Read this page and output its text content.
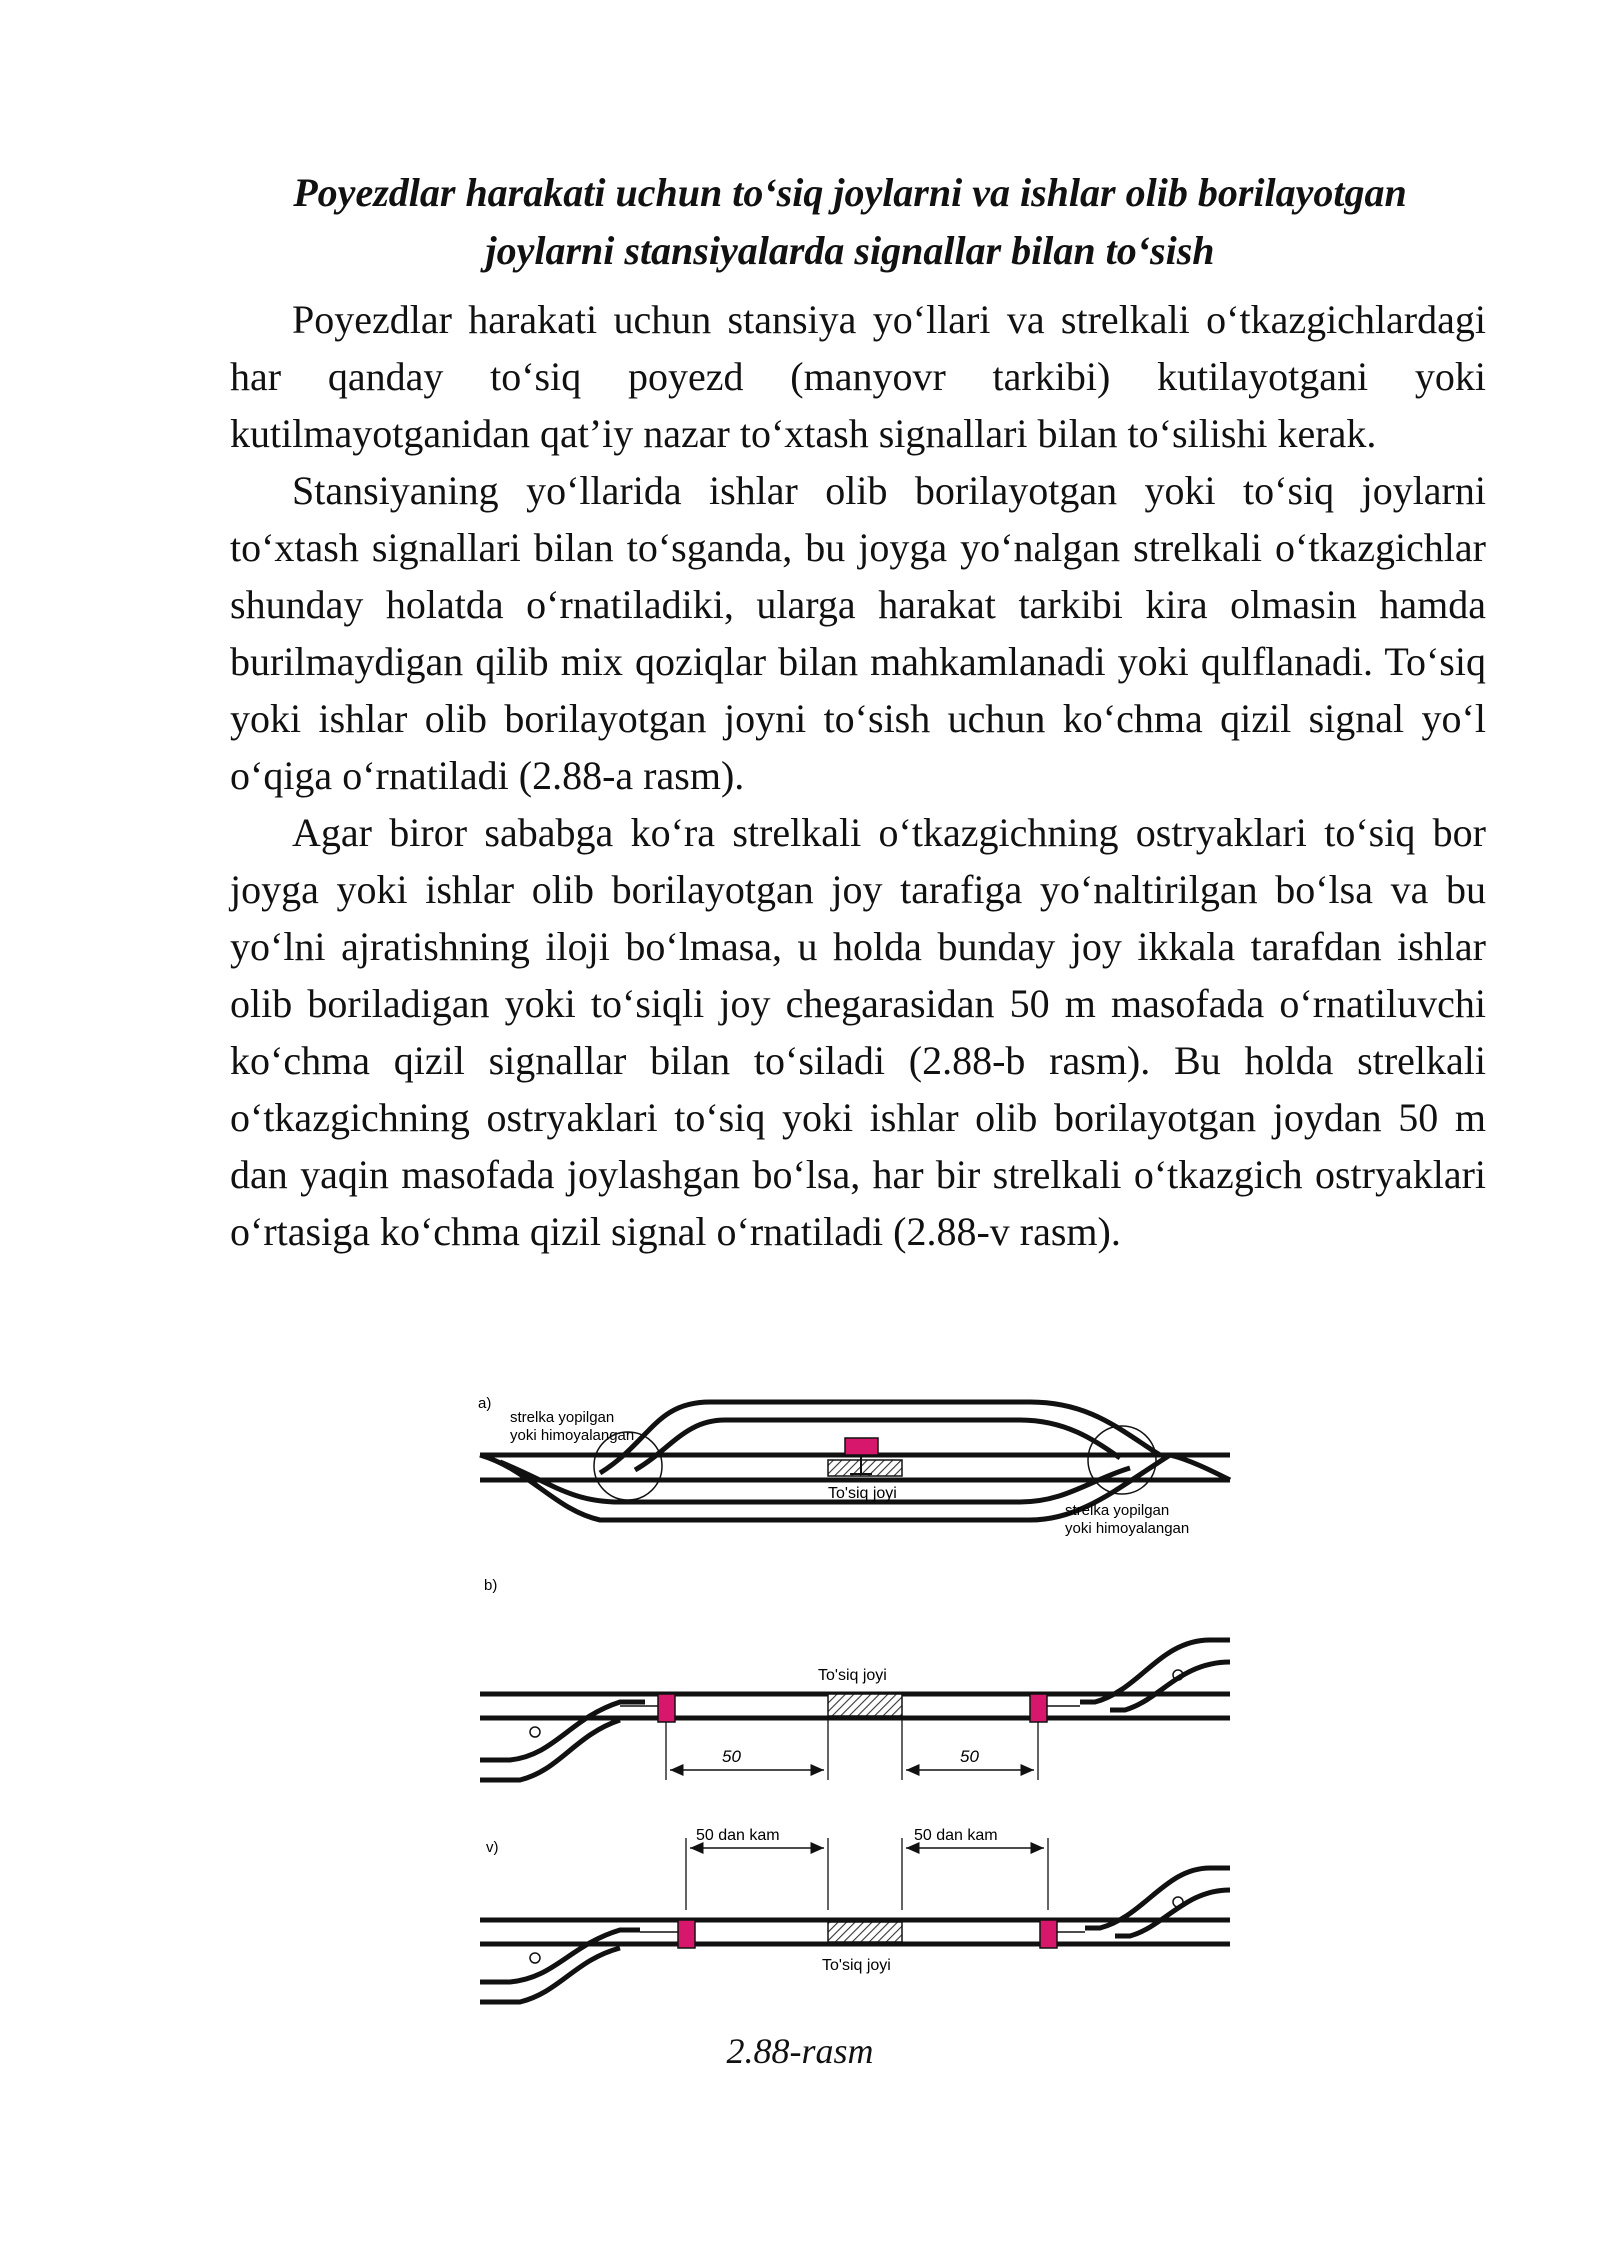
Poyezdlar harakati uchun to‘siq joylarni va ishlar olib borilayotgan
joylarni stansiyalarda signallar bilan to‘sish

Poyezdlar harakati uchun stansiya yo‘llari va strelkali o‘tkazgichlardagi har qanday to‘siq poyezd (manyovr tarkibi) kutilayotgani yoki kutilmayotganidan qat’iy nazar to‘xtash signallari bilan to‘silishi kerak.

Stansiyaning yo‘llarida ishlar olib borilayotgan yoki to‘siq joylarni to‘xtash signallari bilan to‘sganda, bu joyga yo‘nalgan strelkali o‘tkazgichlar shunday holatda o‘rnatiladiki, ularga harakat tarkibi kira olmasin hamda burilmaydigan qilib mix qoziqlar bilan mahkamlanadi yoki qulflanadi. To‘siq yoki ishlar olib borilayotgan joyni to‘sish uchun ko‘chma qizil signal yo‘l o‘qiga o‘rnatiladi (2.88-a rasm).

Agar biror sababga ko‘ra strelkali o‘tkazgichning ostryaklari to‘siq bor joyga yoki ishlar olib borilayotgan joy tarafiga yo‘naltirilgan bo‘lsa va bu yo‘lni ajratishning iloji bo‘lmasa, u holda bunday joy ikkala tarafdan ishlar olib boriladigan yoki to‘siqli joy chegarasidan 50 m masofada o‘rnatiluvchi ko‘chma qizil signallar bilan to‘siladi (2.88-b rasm). Bu holda strelkali o‘tkazgichning ostryaklari to‘siq yoki ishlar olib borilayotgan joydan 50 m dan yaqin masofada joylashgan bo‘lsa, har bir strelkali o‘tkazgich ostryaklari o‘rtasiga ko‘chma qizil signal o‘rnatiladi (2.88-v rasm).

a)
strelka yopilgan
yoki himoyalangan
To'siq joyi
strelka yopilgan
yoki himoyalangan
b)
To'siq joyi
50	50
v)
50 dan kam	50 dan kam
To'siq joyi
2.88-rasm
